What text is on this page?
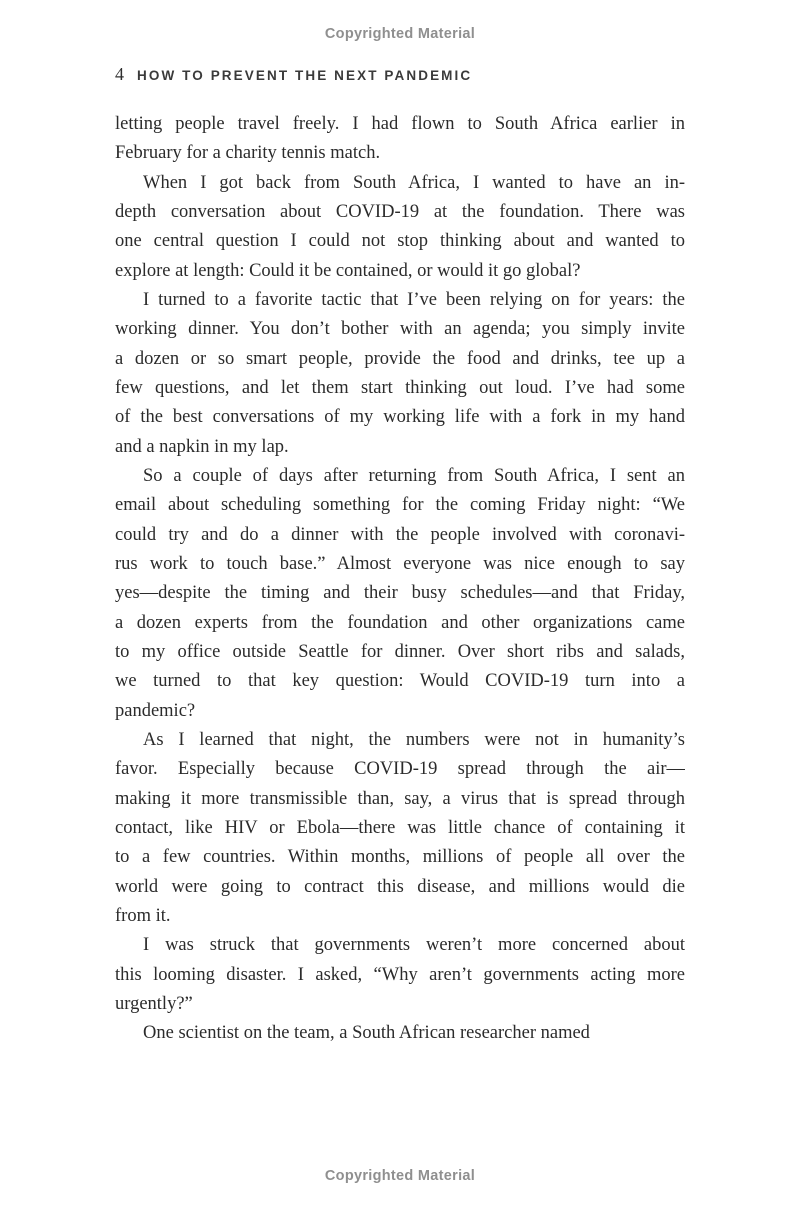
Copyrighted Material
4 HOW TO PREVENT THE NEXT PANDEMIC
letting people travel freely. I had flown to South Africa earlier in
February for a charity tennis match.
When I got back from South Africa, I wanted to have an in-
depth conversation about COVID-19 at the foundation. There was
one central question I could not stop thinking about and wanted to
explore at length: Could it be contained, or would it go global?
I turned to a favorite tactic that I’ve been relying on for years: the
working dinner. You don’t bother with an agenda; you simply invite
a dozen or so smart people, provide the food and drinks, tee up a
few questions, and let them start thinking out loud. I’ve had some
of the best conversations of my working life with a fork in my hand
and a napkin in my lap.
So a couple of days after returning from South Africa, I sent an
email about scheduling something for the coming Friday night: “We
could try and do a dinner with the people involved with coronavi-
rus work to touch base.” Almost everyone was nice enough to say
yes—despite the timing and their busy schedules—and that Friday,
a dozen experts from the foundation and other organizations came
to my office outside Seattle for dinner. Over short ribs and salads,
we turned to that key question: Would COVID-19 turn into a
pandemic?
As I learned that night, the numbers were not in humanity’s
favor. Especially because COVID-19 spread through the air—
making it more transmissible than, say, a virus that is spread through
contact, like HIV or Ebola—there was little chance of containing it
to a few countries. Within months, millions of people all over the
world were going to contract this disease, and millions would die
from it.
I was struck that governments weren’t more concerned about
this looming disaster. I asked, “Why aren’t governments acting more
urgently?”
One scientist on the team, a South African researcher named
Copyrighted Material
